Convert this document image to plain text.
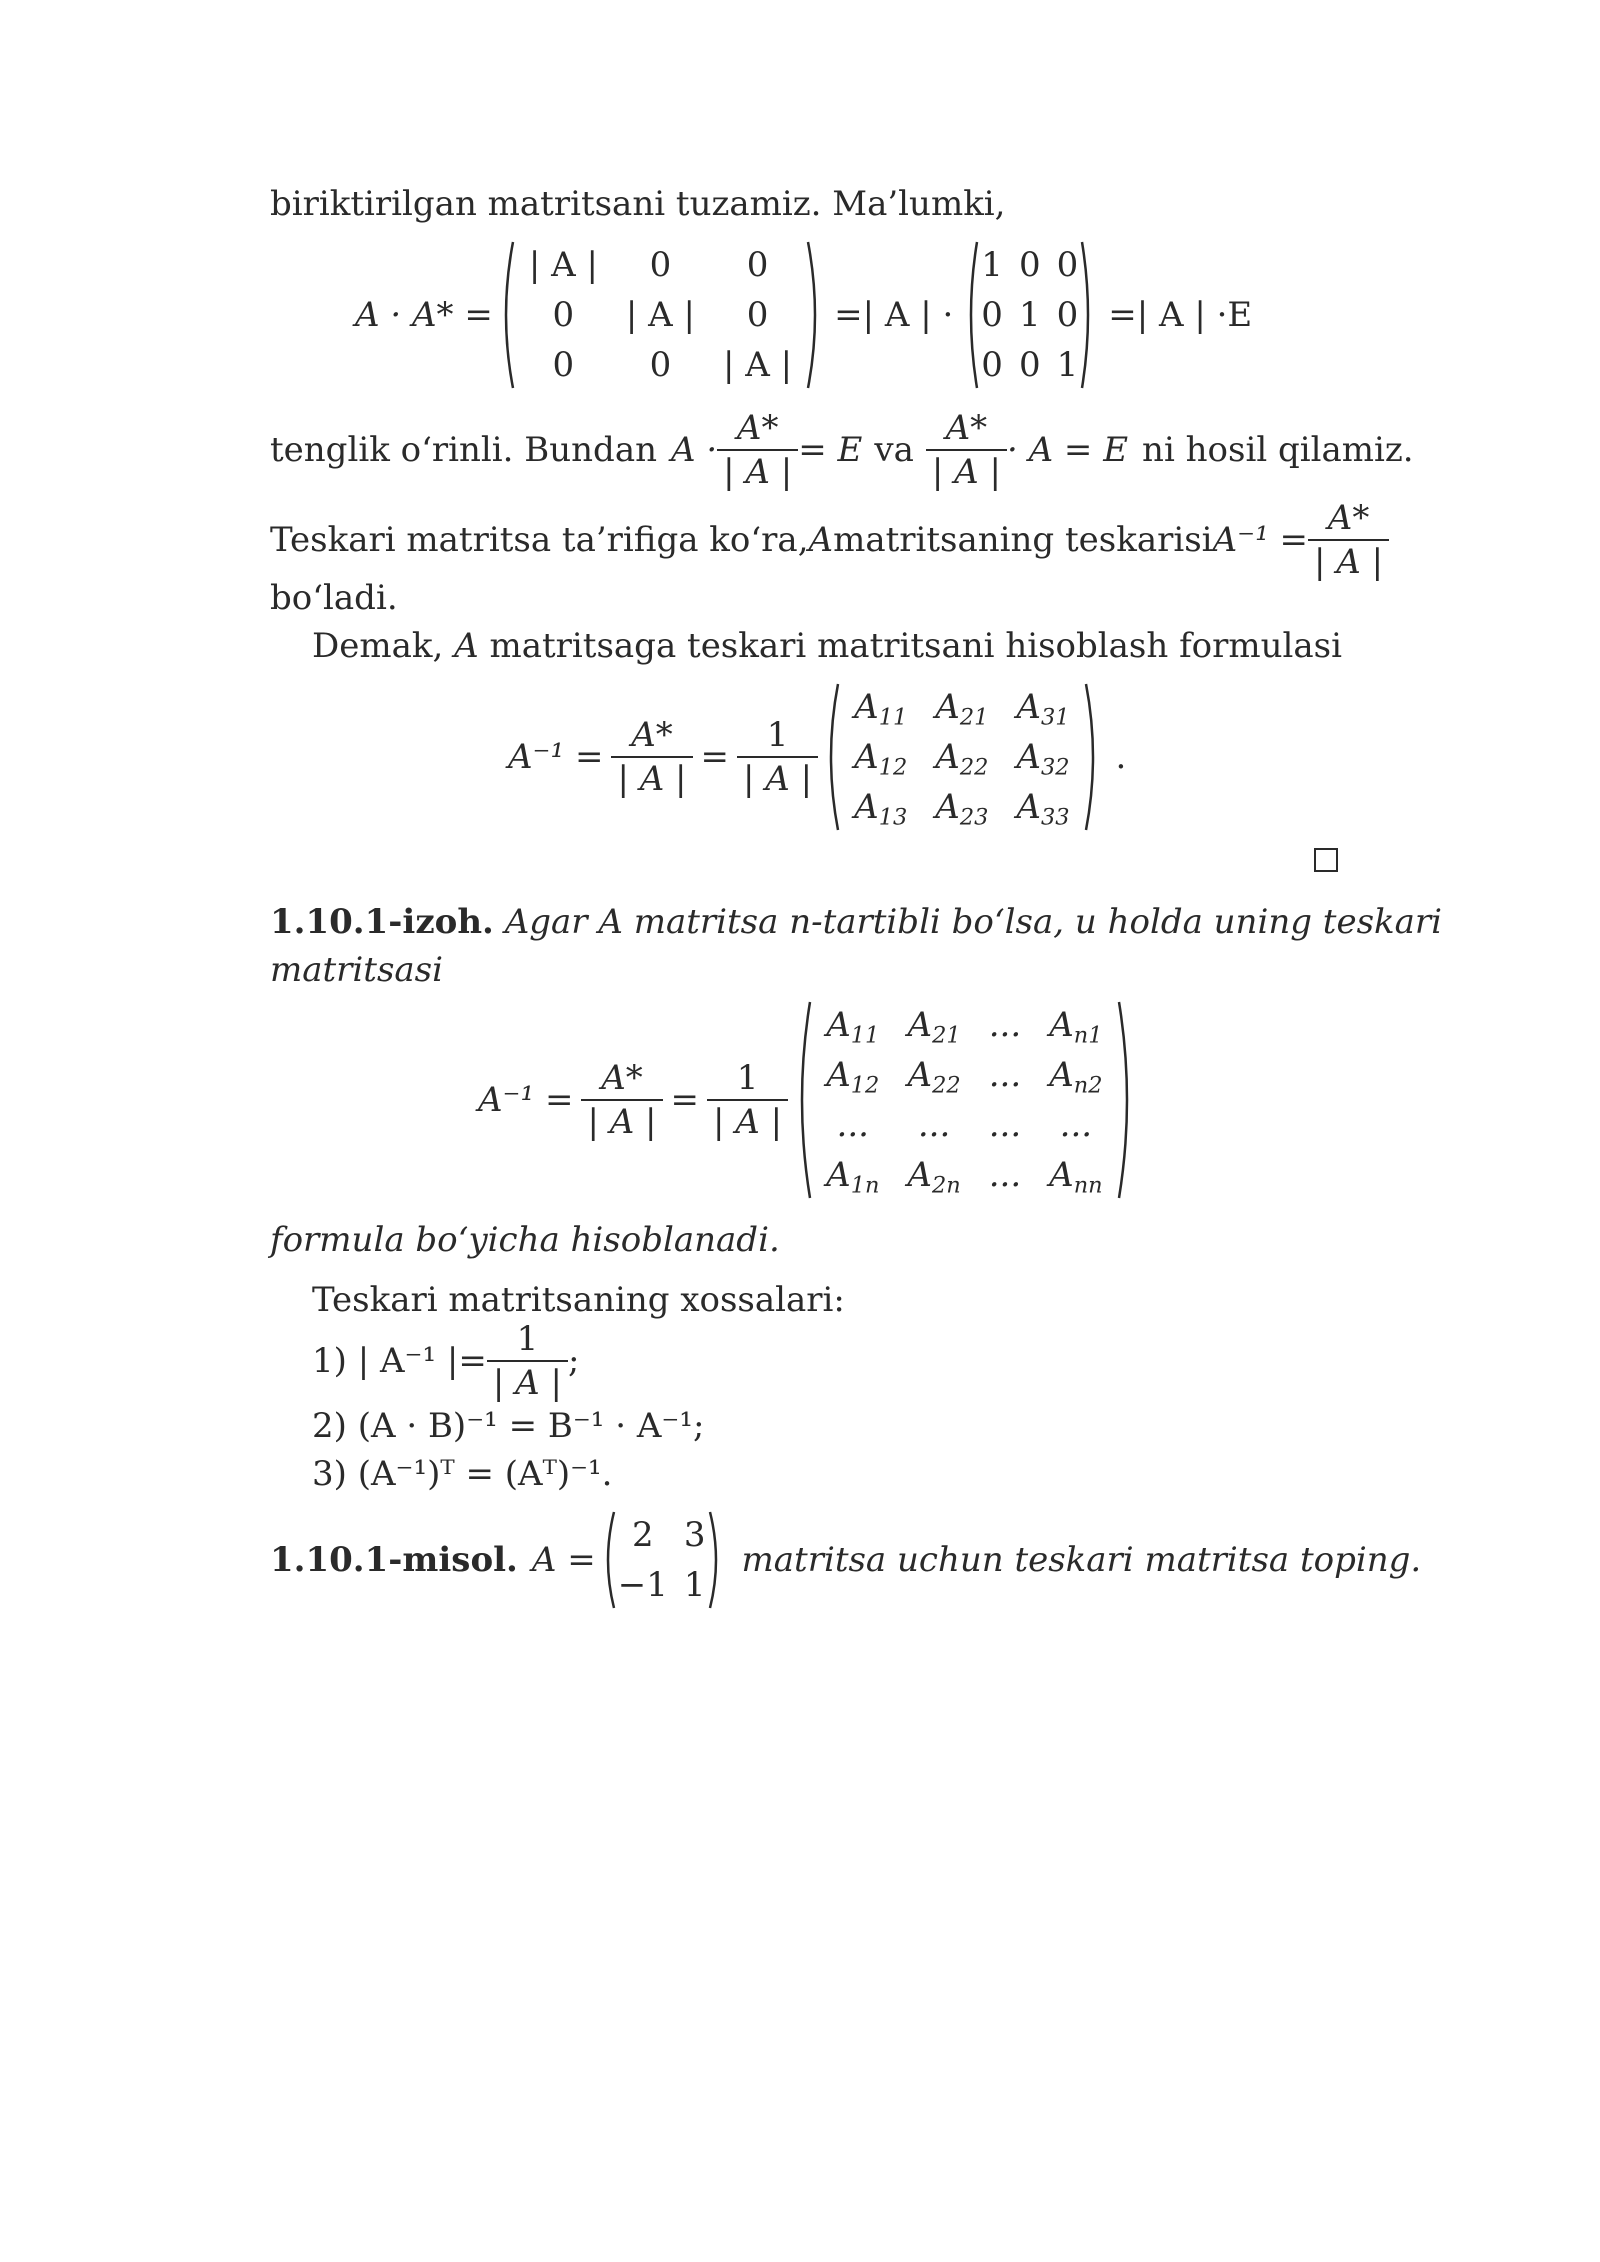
biriktirilgan matritsani tuzamiz. Ma’lumki,
A · A* =
| A |	0	0
0	| A |	0
0	0	| A |
=| A | ·
1	0	0
0	1	0
0	0	1
=| A | ·E
tenglik o‘rinli. Bundan $A \cdot \frac{A*}{| A |} = E$ va $\frac{A*}{| A |} \cdot A = E$ ni hosil qilamiz.
Teskari matritsa ta’rifiga ko‘ra, A matritsaning teskarisi $A^{-1} = \frac{A*}{| A |}$
bo‘ladi.
Demak, A matritsaga teskari matritsani hisoblash formulasi
$A^{-1} = \frac{A*}{| A |} = \frac{1}{| A |}$
$A_{11}$	$A_{21}$	$A_{31}$
$A_{12}$	$A_{22}$	$A_{32}$
$A_{13}$	$A_{23}$	$A_{33}$
.
1.10.1-izoh. Agar A matritsa n-tartibli bo‘lsa, u holda uning teskari
matritsasi
$A^{-1} = \frac{A*}{| A |} = \frac{1}{| A |}$
$A_{11}$	$A_{21}$	...	$A_{n1}$
$A_{12}$	$A_{22}$	...	$A_{n2}$
...	...	...	...
$A_{1n}$	$A_{2n}$	...	$A_{nn}$
formula bo‘yicha hisoblanadi.
Teskari matritsaning xossalari:
1) | A⁻¹ |= $\frac{1}{| A |}$ ;
2) (A · B)⁻¹ = B⁻¹ · A⁻¹;
3) (A⁻¹)ᵀ = (Aᵀ)⁻¹.
1.10.1-misol. A =
2	3
−1	1
matritsa uchun teskari matritsa toping.
